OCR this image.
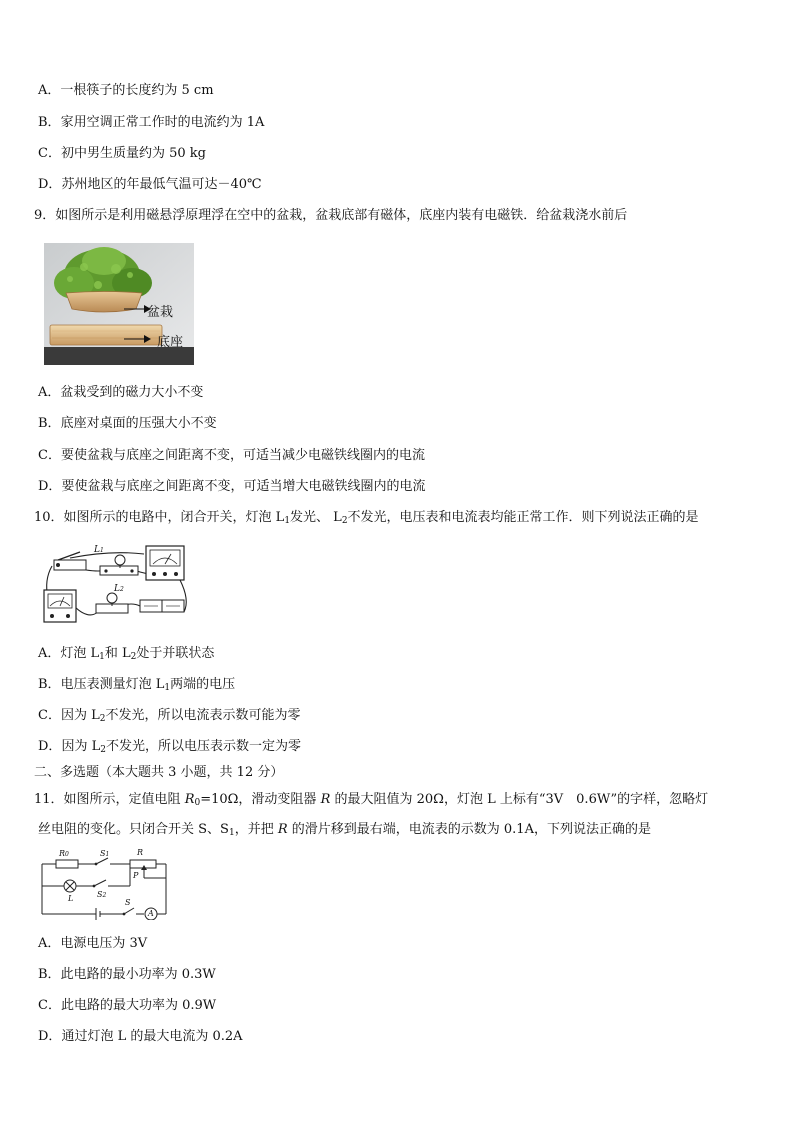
A．一根筷子的长度约为 5 cm
B．家用空调正常工作时的电流约为 1A
C．初中男生质量约为 50 kg
D．苏州地区的年最低气温可达－40℃
9．如图所示是利用磁悬浮原理浮在空中的盆栽，盆栽底部有磁体，底座内装有电磁铁．给盆栽浇水前后
盆栽
底座
A．盆栽受到的磁力大小不变
B．底座对桌面的压强大小不变
C．要使盆栽与底座之间距离不变，可适当减少电磁铁线圈内的电流
D．要使盆栽与底座之间距离不变，可适当增大电磁铁线圈内的电流
10．如图所示的电路中，闭合开关，灯泡 $L_1$发光、 $L_2$不发光，电压表和电流表均能正常工作．则下列说法正确的是
L1
L2
A．灯泡 $L_1$和 $L_2$处于并联状态
B．电压表测量灯泡 $L_1$两端的电压
C．因为 $L_2$不发光，所以电流表示数可能为零
D．因为 $L_2$不发光，所以电压表示数一定为零
二、多选题（本大题共 3 小题，共 12 分）
11．如图所示，定值电阻 $R_0=10\Omega$，滑动变阻器 R 的最大阻值为 20Ω，灯泡 L 上标有“3V　0.6W”的字样，忽略灯
丝电阻的变化。只闭合开关 S、$S_1$，并把 R 的滑片移到最右端，电流表的示数为 0.1A，下列说法正确的是
R0	S1	R
P
L	S2
S
A
A．电源电压为 3V
B．此电路的最小功率为 0.3W
C．此电路的最大功率为 0.9W
D．通过灯泡 L 的最大电流为 0.2A
